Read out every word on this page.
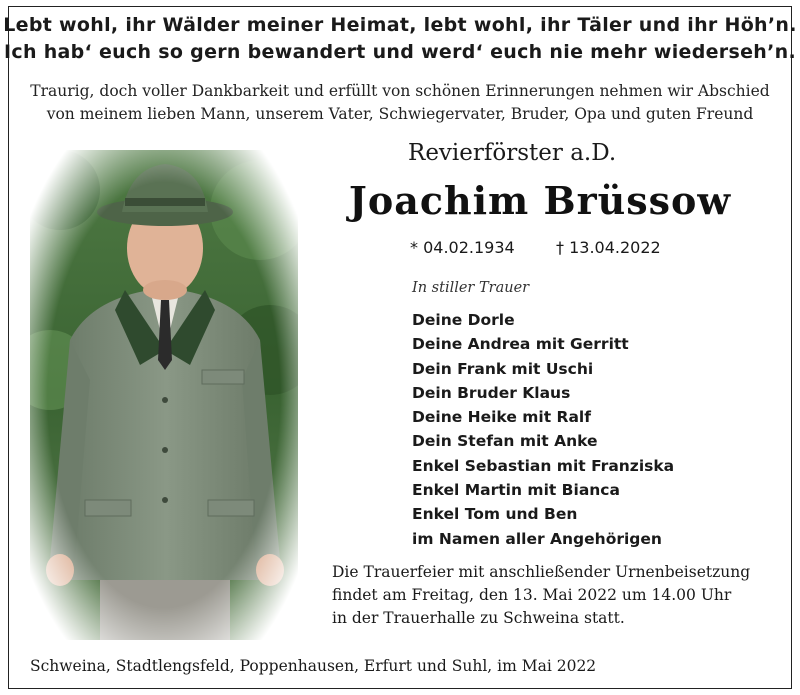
Lebt wohl, ihr Wälder meiner Heimat, lebt wohl, ihr Täler und ihr Höh’n.
Ich hab‘ euch so gern bewandert und werd‘ euch nie mehr wiederseh’n.
Traurig, doch voller Dankbarkeit und erfüllt von schönen Erinnerungen nehmen wir Abschied
von meinem lieben Mann, unserem Vater, Schwiegervater, Bruder, Opa und guten Freund
Revierförster a.D.
Joachim Brüssow
* 04.02.1934	† 13.04.2022
In stiller Trauer
Deine Dorle
Deine Andrea mit Gerritt
Dein Frank mit Uschi
Dein Bruder Klaus
Deine Heike mit Ralf
Dein Stefan mit Anke
Enkel Sebastian mit Franziska
Enkel Martin mit Bianca
Enkel Tom und Ben
im Namen aller Angehörigen
Die Trauerfeier mit anschließender Urnenbeisetzung
findet am Freitag, den 13. Mai 2022 um 14.00 Uhr
in der Trauerhalle zu Schweina statt.
Schweina, Stadtlengsfeld, Poppenhausen, Erfurt und Suhl, im Mai 2022
